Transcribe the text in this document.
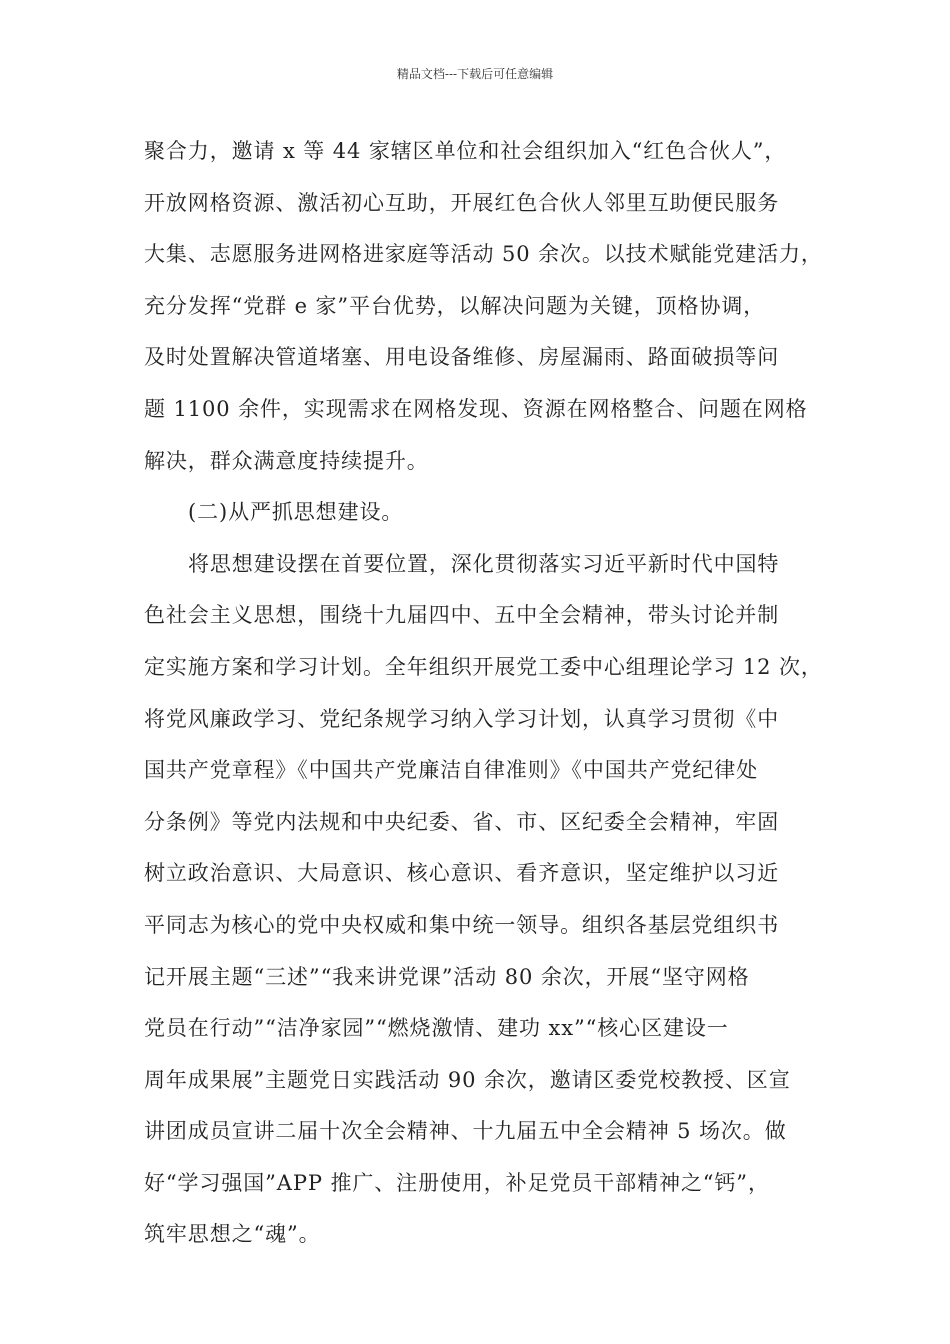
精品文档---下载后可任意编辑
聚合力，邀请 x 等 44 家辖区单位和社会组织加入“红色合伙人”，
开放网格资源、激活初心互助，开展红色合伙人邻里互助便民服务
大集、志愿服务进网格进家庭等活动 50 余次。以技术赋能党建活力，
充分发挥“党群 e 家”平台优势，以解决问题为关键，顶格协调，
及时处置解决管道堵塞、用电设备维修、房屋漏雨、路面破损等问
题 1100 余件，实现需求在网格发现、资源在网格整合、问题在网格
解决，群众满意度持续提升。
(二)从严抓思想建设。
将思想建设摆在首要位置，深化贯彻落实习近平新时代中国特
色社会主义思想，围绕十九届四中、五中全会精神，带头讨论并制
定实施方案和学习计划。全年组织开展党工委中心组理论学习 12 次，
将党风廉政学习、党纪条规学习纳入学习计划，认真学习贯彻《中
国共产党章程》《中国共产党廉洁自律准则》《中国共产党纪律处
分条例》等党内法规和中央纪委、省、市、区纪委全会精神，牢固
树立政治意识、大局意识、核心意识、看齐意识，坚定维护以习近
平同志为核心的党中央权威和集中统一领导。组织各基层党组织书
记开展主题“三述”“我来讲党课”活动 80 余次，开展“坚守网格
党员在行动”“洁净家园”“燃烧激情、建功 xx”“核心区建设一
周年成果展”主题党日实践活动 90 余次，邀请区委党校教授、区宣
讲团成员宣讲二届十次全会精神、十九届五中全会精神 5 场次。做
好“学习强国”APP 推广、注册使用，补足党员干部精神之“钙”，
筑牢思想之“魂”。
